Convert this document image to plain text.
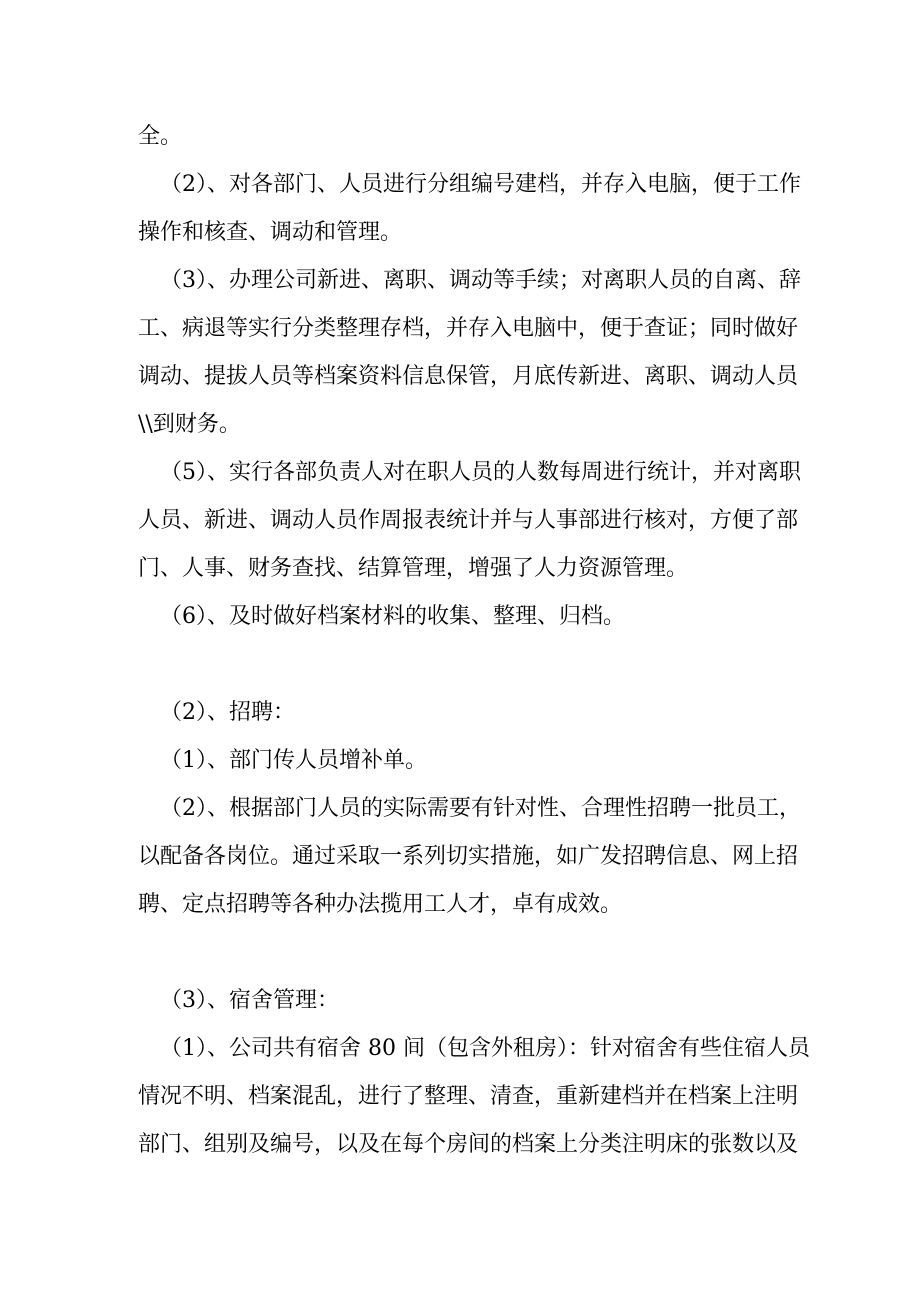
全。

（2）、对各部门、人员进行分组编号建档，并存入电脑，便于工作

操作和核查、调动和管理。

（3）、办理公司新进、离职、调动等手续；对离职人员的自离、辞

工、病退等实行分类整理存档，并存入电脑中，便于查证；同时做好

调动、提拔人员等档案资料信息保管，月底传新进、离职、调动人员

\\到财务。

（5）、实行各部负责人对在职人员的人数每周进行统计，并对离职

人员、新进、调动人员作周报表统计并与人事部进行核对，方便了部

门、人事、财务查找、结算管理，增强了人力资源管理。

（6）、及时做好档案材料的收集、整理、归档。

（2）、招聘：

（1）、部门传人员增补单。

（2）、根据部门人员的实际需要有针对性、合理性招聘一批员工，

以配备各岗位。通过采取一系列切实措施，如广发招聘信息、网上招

聘、定点招聘等各种办法揽用工人才，卓有成效。

（3）、宿舍管理：

（1）、公司共有宿舍 80 间（包含外租房）：针对宿舍有些住宿人员

情况不明、档案混乱，进行了整理、清查，重新建档并在档案上注明

部门、组别及编号，以及在每个房间的档案上分类注明床的张数以及
